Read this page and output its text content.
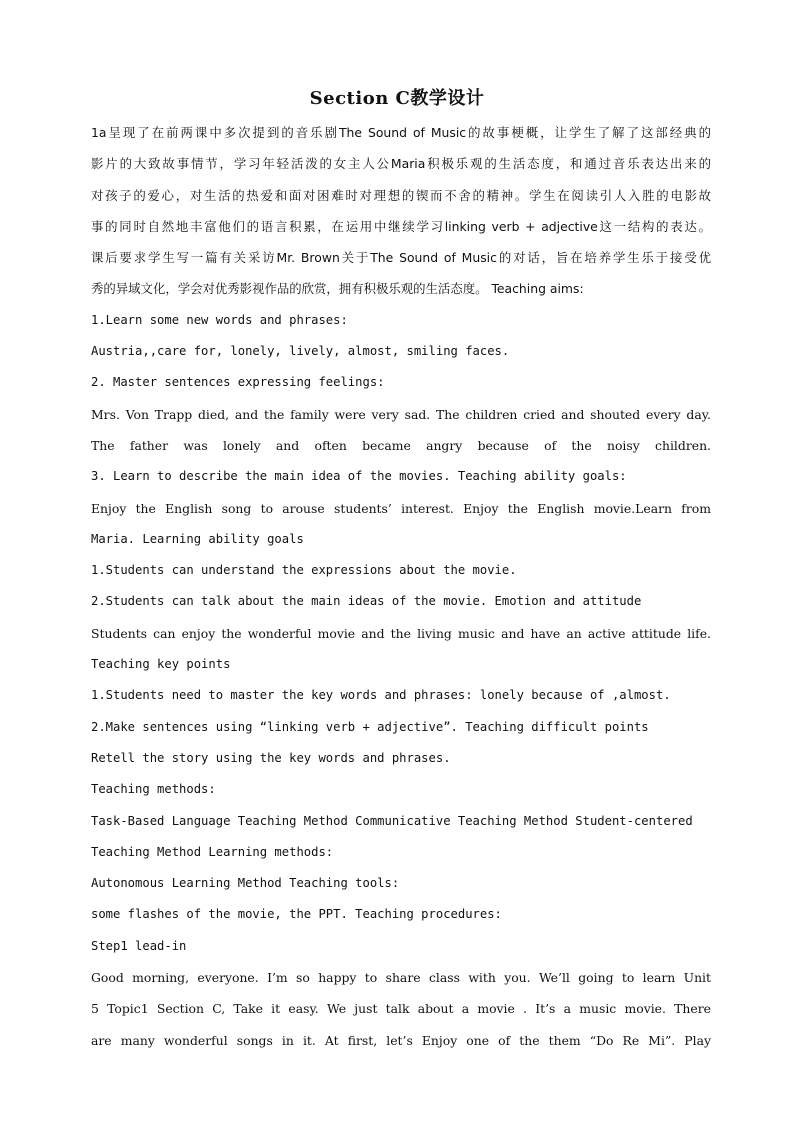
Section C教学设计
1a呈现了在前两课中多次提到的音乐剧The Sound of Music的故事梗概，让学生了解了这部经典的
影片的大致故事情节，学习年轻活泼的女主人公Maria积极乐观的生活态度，和通过音乐表达出来的
对孩子的爱心，对生活的热爱和面对困难时对理想的锲而不舍的精神。学生在阅读引人入胜的电影故
事的同时自然地丰富他们的语言积累，在运用中继续学习linking verb + adjective这一结构的表达。
课后要求学生写一篇有关采访Mr. Brown关于The Sound of Music的对话，旨在培养学生乐于接受优
秀的异域文化，学会对优秀影视作品的欣赏，拥有积极乐观的生活态度。 Teaching aims:
1.Learn some new words and phrases:
Austria,,care for, lonely, lively, almost, smiling faces.
2. Master sentences expressing feelings:
Mrs. Von Trapp died, and the family were very sad. The children cried and shouted every day.
The father was lonely and often became angry because of the noisy children.
3. Learn to describe the main idea of the movies. Teaching ability goals:
Enjoy the English song to arouse students’ interest. Enjoy the English movie.Learn from
Maria. Learning ability goals
1.Students can understand the expressions about the movie.
2.Students can talk about the main ideas of the movie. Emotion and attitude
Students can enjoy the wonderful movie and the living music and have an active attitude life.
Teaching key points
1.Students need to master the key words and phrases: lonely because of ,almost.
2.Make sentences using “linking verb + adjective”. Teaching difficult points
Retell the story using the key words and phrases.
Teaching methods:
Task-Based Language Teaching Method Communicative Teaching Method Student-centered
Teaching Method Learning methods:
Autonomous Learning Method Teaching tools:
some flashes of the movie, the PPT. Teaching procedures:
Step1 lead-in
Good morning, everyone. I’m so happy to share class with you. We’ll going to learn Unit
5 Topic1 Section C, Take it easy. We just talk about a movie . It’s a music movie. There
are many wonderful songs in it. At first, let’s Enjoy one of the them “Do Re Mi”. Play
